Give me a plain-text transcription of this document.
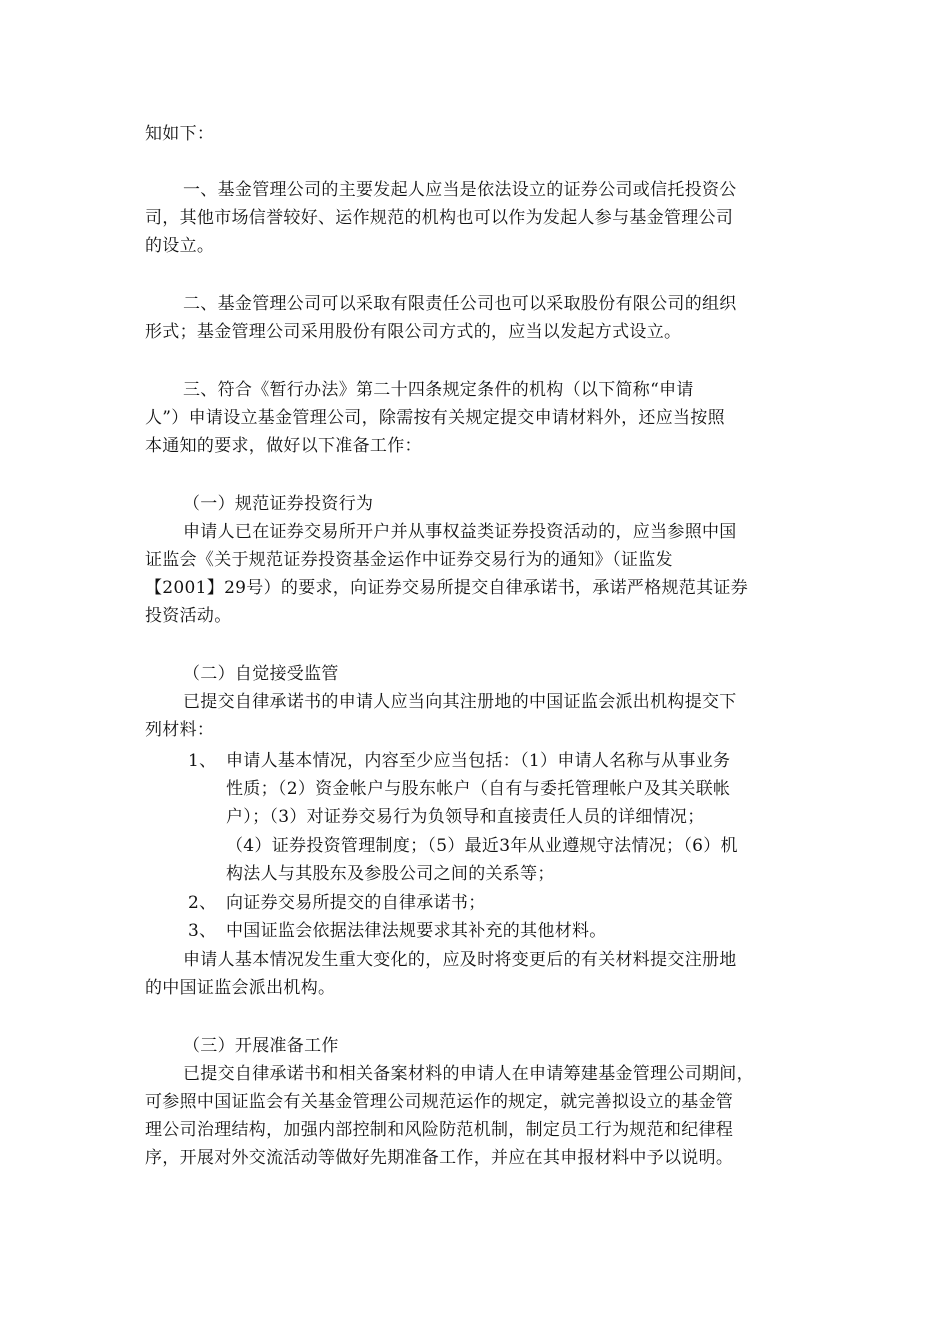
知如下：
一、基金管理公司的主要发起人应当是依法设立的证券公司或信托投资公
司，其他市场信誉较好、运作规范的机构也可以作为发起人参与基金管理公司
的设立。
二、基金管理公司可以采取有限责任公司也可以采取股份有限公司的组织
形式；基金管理公司采用股份有限公司方式的，应当以发起方式设立。
三、符合《暂行办法》第二十四条规定条件的机构（以下简称“申请
人”）申请设立基金管理公司，除需按有关规定提交申请材料外，还应当按照
本通知的要求，做好以下准备工作：
（一）规范证券投资行为
申请人已在证券交易所开户并从事权益类证券投资活动的，应当参照中国
证监会《关于规范证券投资基金运作中证券交易行为的通知》（证监发
【2001】29号）的要求，向证券交易所提交自律承诺书，承诺严格规范其证券
投资活动。
（二）自觉接受监管
已提交自律承诺书的申请人应当向其注册地的中国证监会派出机构提交下
列材料：
1、 申请人基本情况，内容至少应当包括：（1）申请人名称与从事业务
性质；（2）资金帐户与股东帐户（自有与委托管理帐户及其关联帐
户）；（3）对证券交易行为负领导和直接责任人员的详细情况；
（4）证券投资管理制度；（5）最近3年从业遵规守法情况；（6）机
构法人与其股东及参股公司之间的关系等；
2、 向证券交易所提交的自律承诺书；
3、 中国证监会依据法律法规要求其补充的其他材料。
申请人基本情况发生重大变化的，应及时将变更后的有关材料提交注册地
的中国证监会派出机构。
（三）开展准备工作
已提交自律承诺书和相关备案材料的申请人在申请筹建基金管理公司期间，
可参照中国证监会有关基金管理公司规范运作的规定，就完善拟设立的基金管
理公司治理结构，加强内部控制和风险防范机制，制定员工行为规范和纪律程
序，开展对外交流活动等做好先期准备工作，并应在其申报材料中予以说明。
